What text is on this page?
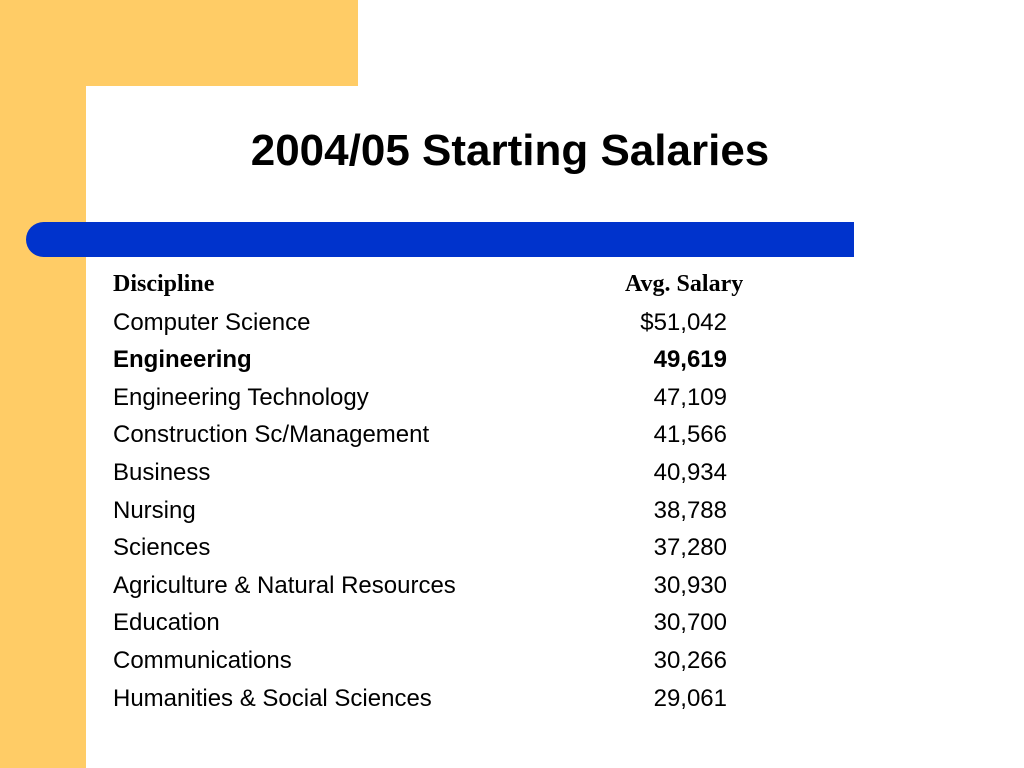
2004/05 Starting Salaries
Discipline	Avg. Salary
Computer Science	$51,042
Engineering	49,619
Engineering Technology	47,109
Construction Sc/Management	41,566
Business	40,934
Nursing	38,788
Sciences	37,280
Agriculture & Natural Resources	30,930
Education	30,700
Communications	30,266
Humanities & Social Sciences	29,061
